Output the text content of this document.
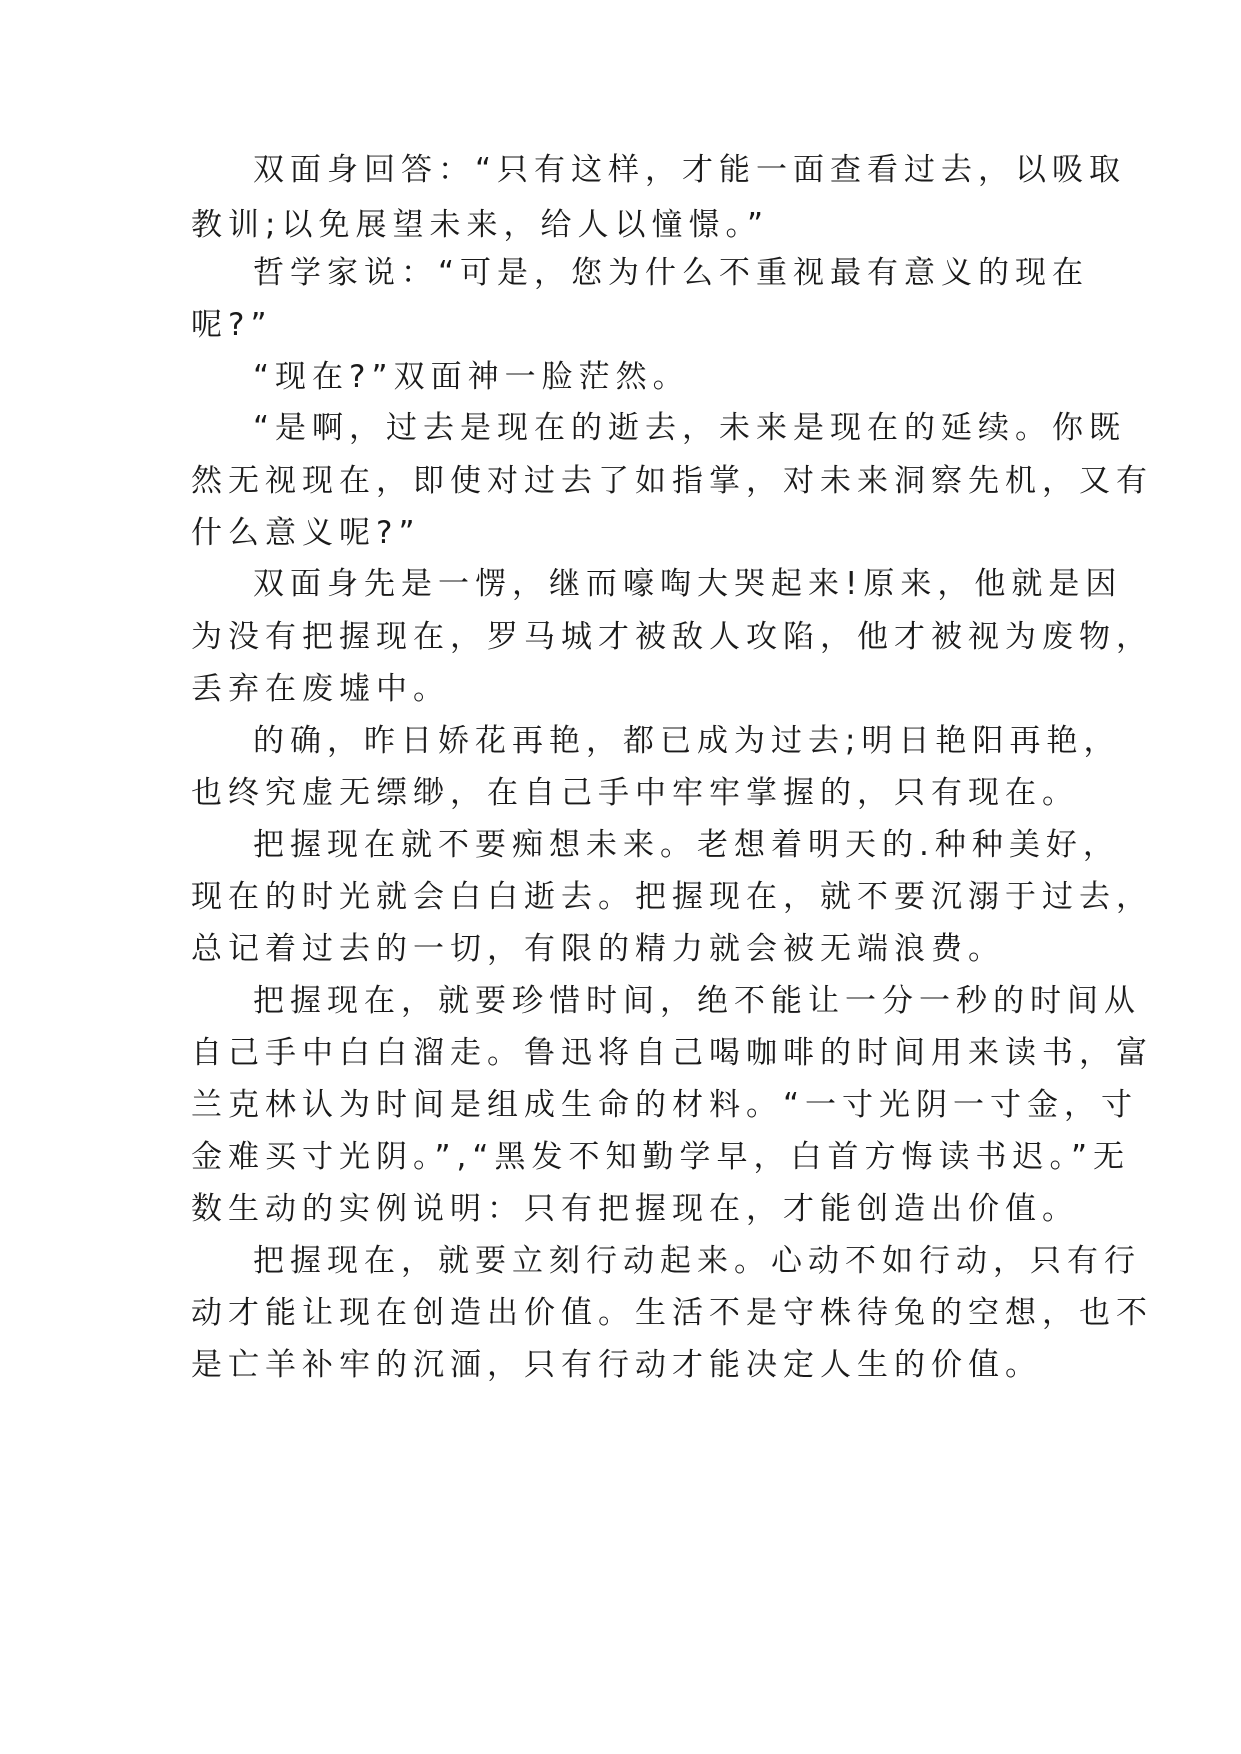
双面身回答：“只有这样，才能一面查看过去，以吸取
教训;以免展望未来，给人以憧憬。”
哲学家说：“可是，您为什么不重视最有意义的现在
呢?”
“现在?”双面神一脸茫然。
“是啊，过去是现在的逝去，未来是现在的延续。你既
然无视现在，即使对过去了如指掌，对未来洞察先机，又有
什么意义呢?”
双面身先是一愣，继而嚎啕大哭起来!原来，他就是因
为没有把握现在，罗马城才被敌人攻陷，他才被视为废物，
丢弃在废墟中。
的确，昨日娇花再艳，都已成为过去;明日艳阳再艳，
也终究虚无缥缈，在自己手中牢牢掌握的，只有现在。
把握现在就不要痴想未来。老想着明天的.种种美好，
现在的时光就会白白逝去。把握现在，就不要沉溺于过去，
总记着过去的一切，有限的精力就会被无端浪费。
把握现在，就要珍惜时间，绝不能让一分一秒的时间从
自己手中白白溜走。鲁迅将自己喝咖啡的时间用来读书，富
兰克林认为时间是组成生命的材料。“一寸光阴一寸金，寸
金难买寸光阴。”,“黑发不知勤学早，白首方悔读书迟。”无
数生动的实例说明：只有把握现在，才能创造出价值。
把握现在，就要立刻行动起来。心动不如行动，只有行
动才能让现在创造出价值。生活不是守株待兔的空想，也不
是亡羊补牢的沉湎，只有行动才能决定人生的价值。
